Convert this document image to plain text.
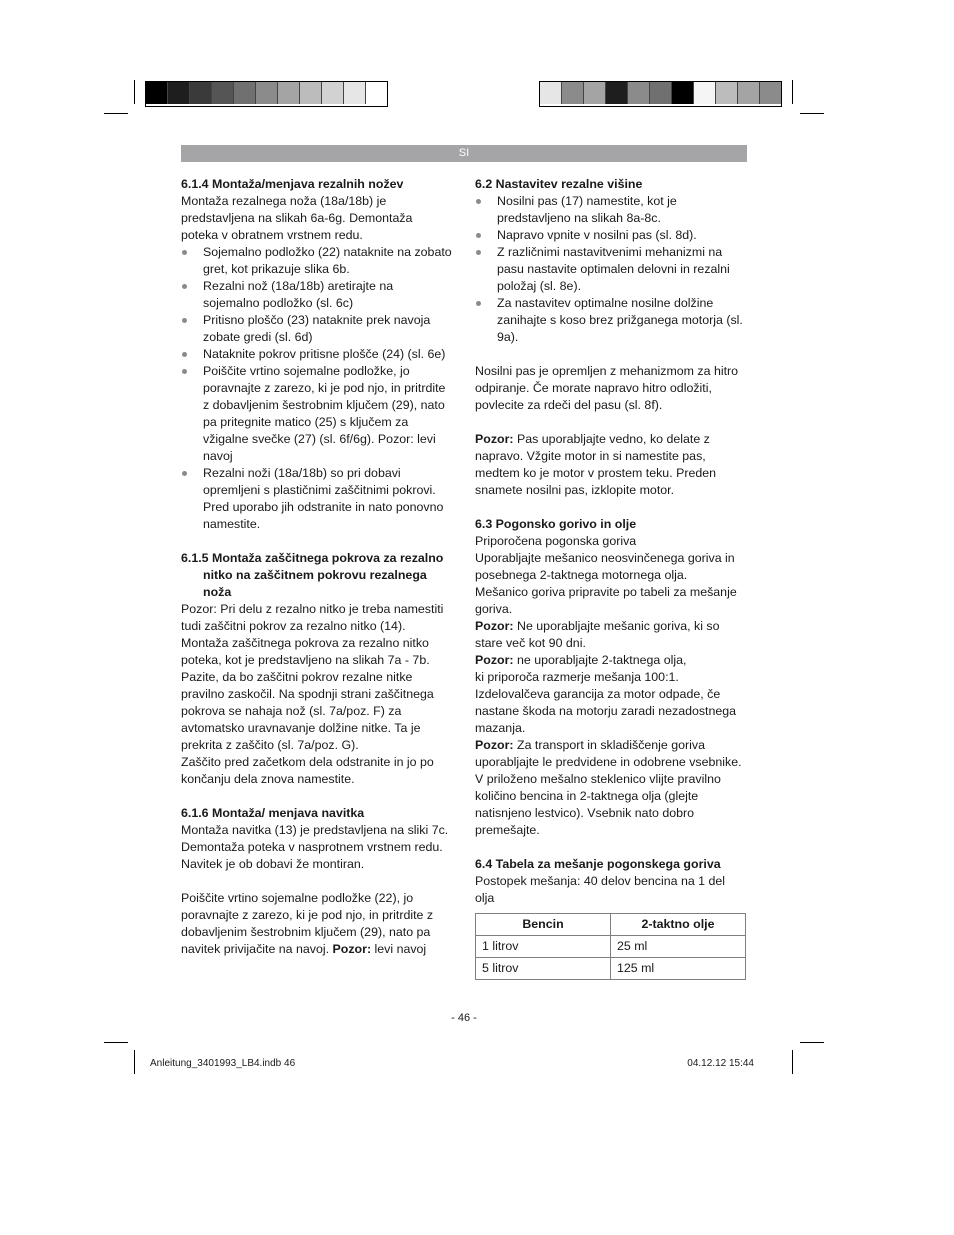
SI

6.1.4 Montaža/menjava rezalnih nožev

Montaža rezalnega noža (18a/18b) je predstavljena na slikah 6a-6g. Demontaža poteka v obratnem vrstnem redu.

Sojemalno podložko (22) nataknite na zobato gret, kot prikazuje slika 6b.
Rezalni nož (18a/18b) aretirajte na sojemalno podložko (sl. 6c)
Pritisno ploščo (23) nataknite prek navoja zobate gredi (sl. 6d)
Nataknite pokrov pritisne plošče (24) (sl. 6e)
Poiščite vrtino sojemalne podložke, jo poravnajte z zarezo, ki je pod njo, in pritrdite z dobavljenim šestrobnim ključem (29), nato pa pritegnite matico (25) s ključem za vžigalne svečke (27) (sl. 6f/6g). Pozor: levi navoj
Rezalni noži (18a/18b) so pri dobavi opremljeni s plastičnimi zaščitnimi pokrovi. Pred uporabo jih odstranite in nato ponovno namestite.

6.1.5 Montaža zaščitnega pokrova za rezalno nitko na zaščitnem pokrovu rezalnega noža

Pozor: Pri delu z rezalno nitko je treba namestiti tudi zaščitni pokrov za rezalno nitko (14).

Montaža zaščitnega pokrova za rezalno nitko poteka, kot je predstavljeno na slikah 7a - 7b. Pazite, da bo zaščitni pokrov rezalne nitke pravilno zaskočil. Na spodnji strani zaščitnega pokrova se nahaja nož (sl. 7a/poz. F) za avtomatsko uravnavanje dolžine nitke. Ta je prekrita z zaščito (sl. 7a/poz. G).

Zaščito pred začetkom dela odstranite in jo po končanju dela znova namestite.

6.1.6 Montaža/ menjava navitka

Montaža navitka (13) je predstavljena na sliki 7c. Demontaža poteka v nasprotnem vrstnem redu. Navitek je ob dobavi že montiran.

Poiščite vrtino sojemalne podložke (22), jo poravnajte z zarezo, ki je pod njo, in pritrdite z dobavljenim šestrobnim ključem (29), nato pa navitek privijačite na navoj. Pozor: levi navoj

6.2 Nastavitev rezalne višine

Nosilni pas (17) namestite, kot je predstavljeno na slikah 8a-8c.
Napravo vpnite v nosilni pas (sl. 8d).
Z različnimi nastavitvenimi mehanizmi na pasu nastavite optimalen delovni in rezalni položaj (sl. 8e).
Za nastavitev optimalne nosilne dolžine zanihajte s koso brez prižganega motorja (sl. 9a).

Nosilni pas je opremljen z mehanizmom za hitro odpiranje. Če morate napravo hitro odložiti, povlecite za rdeči del pasu (sl. 8f).

Pozor: Pas uporabljajte vedno, ko delate z napravo. Vžgite motor in si namestite pas, medtem ko je motor v prostem teku. Preden snamete nosilni pas, izklopite motor.

6.3 Pogonsko gorivo in olje

Priporočena pogonska goriva

Uporabljajte mešanico neosvinčenega goriva in posebnega 2-taktnega motornega olja.

Mešanico goriva pripravite po tabeli za mešanje goriva.

Pozor: Ne uporabljajte mešanic goriva, ki so stare več kot 90 dni.

Pozor: ne uporabljajte 2-taktnega olja,

ki priporoča razmerje mešanja 100:1.

Izdelovalčeva garancija za motor odpade, če nastane škoda na motorju zaradi nezadostnega mazanja.

Pozor: Za transport in skladiščenje goriva uporabljajte le predvidene in odobrene vsebnike.

V priloženo mešalno steklenico vlijte pravilno količino bencina in 2-taktnega olja (glejte natisnjeno lestvico). Vsebnik nato dobro premešajte.

6.4 Tabela za mešanje pogonskega goriva

Postopek mešanja: 40 delov bencina na 1 del olja

Bencin	2-taktno olje
1 litrov	25 ml
5 litrov	125 ml
- 46 -
Anleitung_3401993_LB4.indb 46	04.12.12 15:44
